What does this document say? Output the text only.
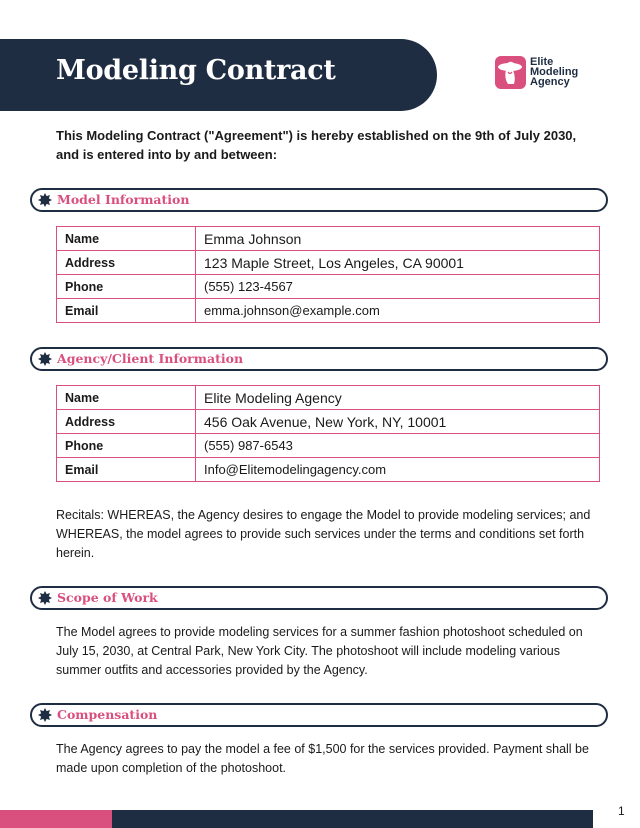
Modeling Contract	Elite
Modeling
Agency

This Modeling Contract ("Agreement") is hereby established on the 9th of July 2030, and is entered into by and between:

Model Information
Name	Emma Johnson
Address	123 Maple Street, Los Angeles, CA 90001
Phone	(555) 123-4567
Email	emma.johnson@example.com
Agency/Client Information
Name	Elite Modeling Agency
Address	456 Oak Avenue, New York, NY, 10001
Phone	(555) 987-6543
Email	Info@Elitemodelingagency.com

Recitals: WHEREAS, the Agency desires to engage the Model to provide modeling services; and WHEREAS, the model agrees to provide such services under the terms and conditions set forth herein.

Scope of Work

The Model agrees to provide modeling services for a summer fashion photoshoot scheduled on July 15, 2030, at Central Park, New York City. The photoshoot will include modeling various summer outfits and accessories provided by the Agency.

Compensation

The Agency agrees to pay the model a fee of $1,500 for the services provided. Payment shall be made upon completion of the photoshoot.

1
